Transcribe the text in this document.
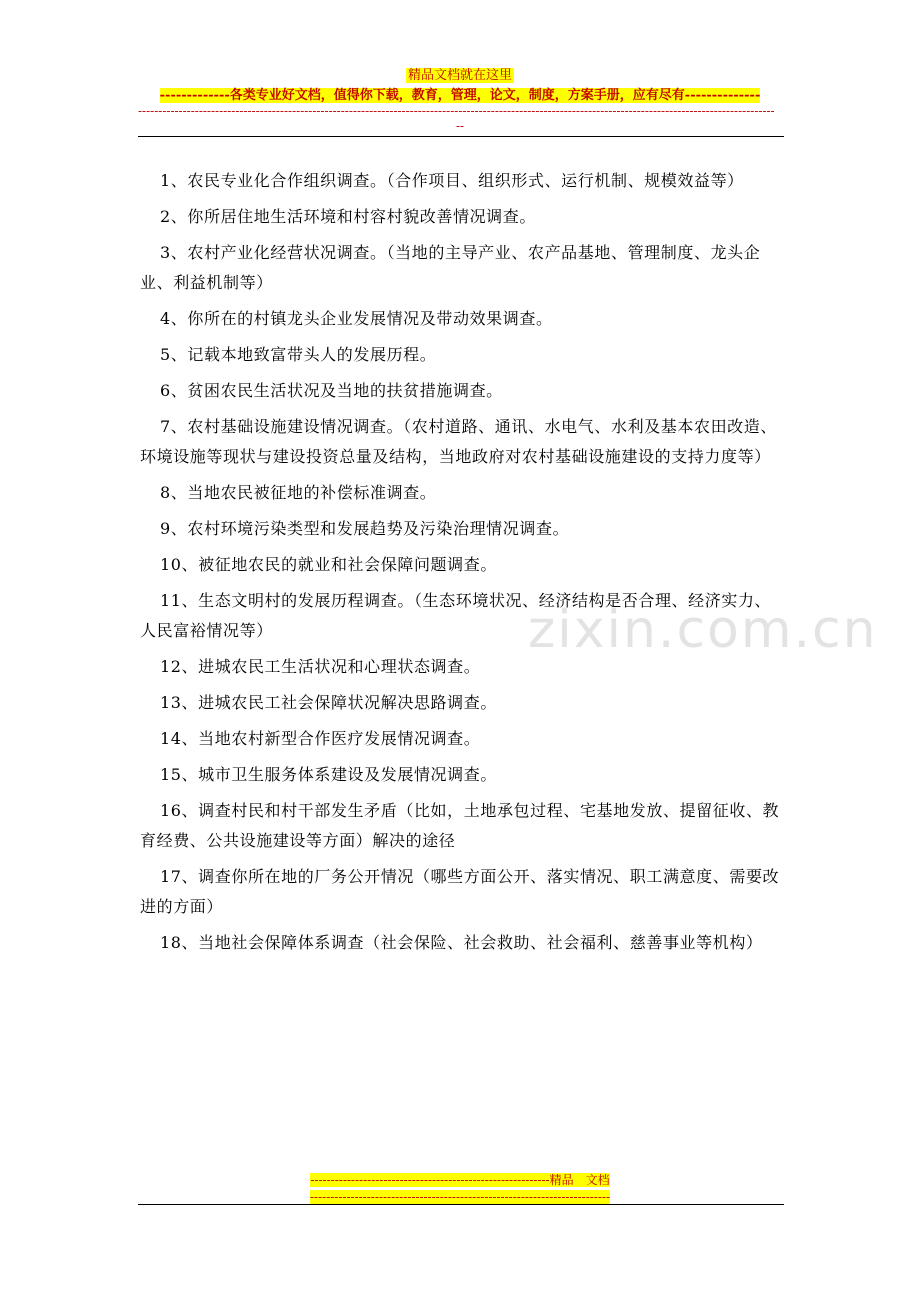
精品文档就在这里
-------------各类专业好文档，值得你下载，教育，管理，论文，制度，方案手册，应有尽有--------------
-------------------------------------------------------------------------------------------------------------------------------------------------------------
--
zixin.com.cn

1、农民专业化合作组织调查。（合作项目、组织形式、运行机制、规模效益等）

2、你所居住地生活环境和村容村貌改善情况调查。

3、农村产业化经营状况调查。（当地的主导产业、农产品基地、管理制度、龙头企业、利益机制等）

4、你所在的村镇龙头企业发展情况及带动效果调查。

5、记载本地致富带头人的发展历程。

6、贫困农民生活状况及当地的扶贫措施调查。

7、农村基础设施建设情况调查。（农村道路、通讯、水电气、水利及基本农田改造、环境设施等现状与建设投资总量及结构，当地政府对农村基础设施建设的支持力度等）

8、当地农民被征地的补偿标准调查。

9、农村环境污染类型和发展趋势及污染治理情况调查。

10、被征地农民的就业和社会保障问题调查。

11、生态文明村的发展历程调查。（生态环境状况、经济结构是否合理、经济实力、人民富裕情况等）

12、进城农民工生活状况和心理状态调查。

13、进城农民工社会保障状况解决思路调查。

14、当地农村新型合作医疗发展情况调查。

15、城市卫生服务体系建设及发展情况调查。

16、调查村民和村干部发生矛盾（比如，土地承包过程、宅基地发放、提留征收、教育经费、公共设施建设等方面）解决的途径

17、调查你所在地的厂务公开情况（哪些方面公开、落实情况、职工满意度、需要改进的方面）

18、当地社会保障体系调查（社会保险、社会救助、社会福利、慈善事业等机构）

-----------------------------------------------------------精品　文档
--------------------------------------------------------------------------
